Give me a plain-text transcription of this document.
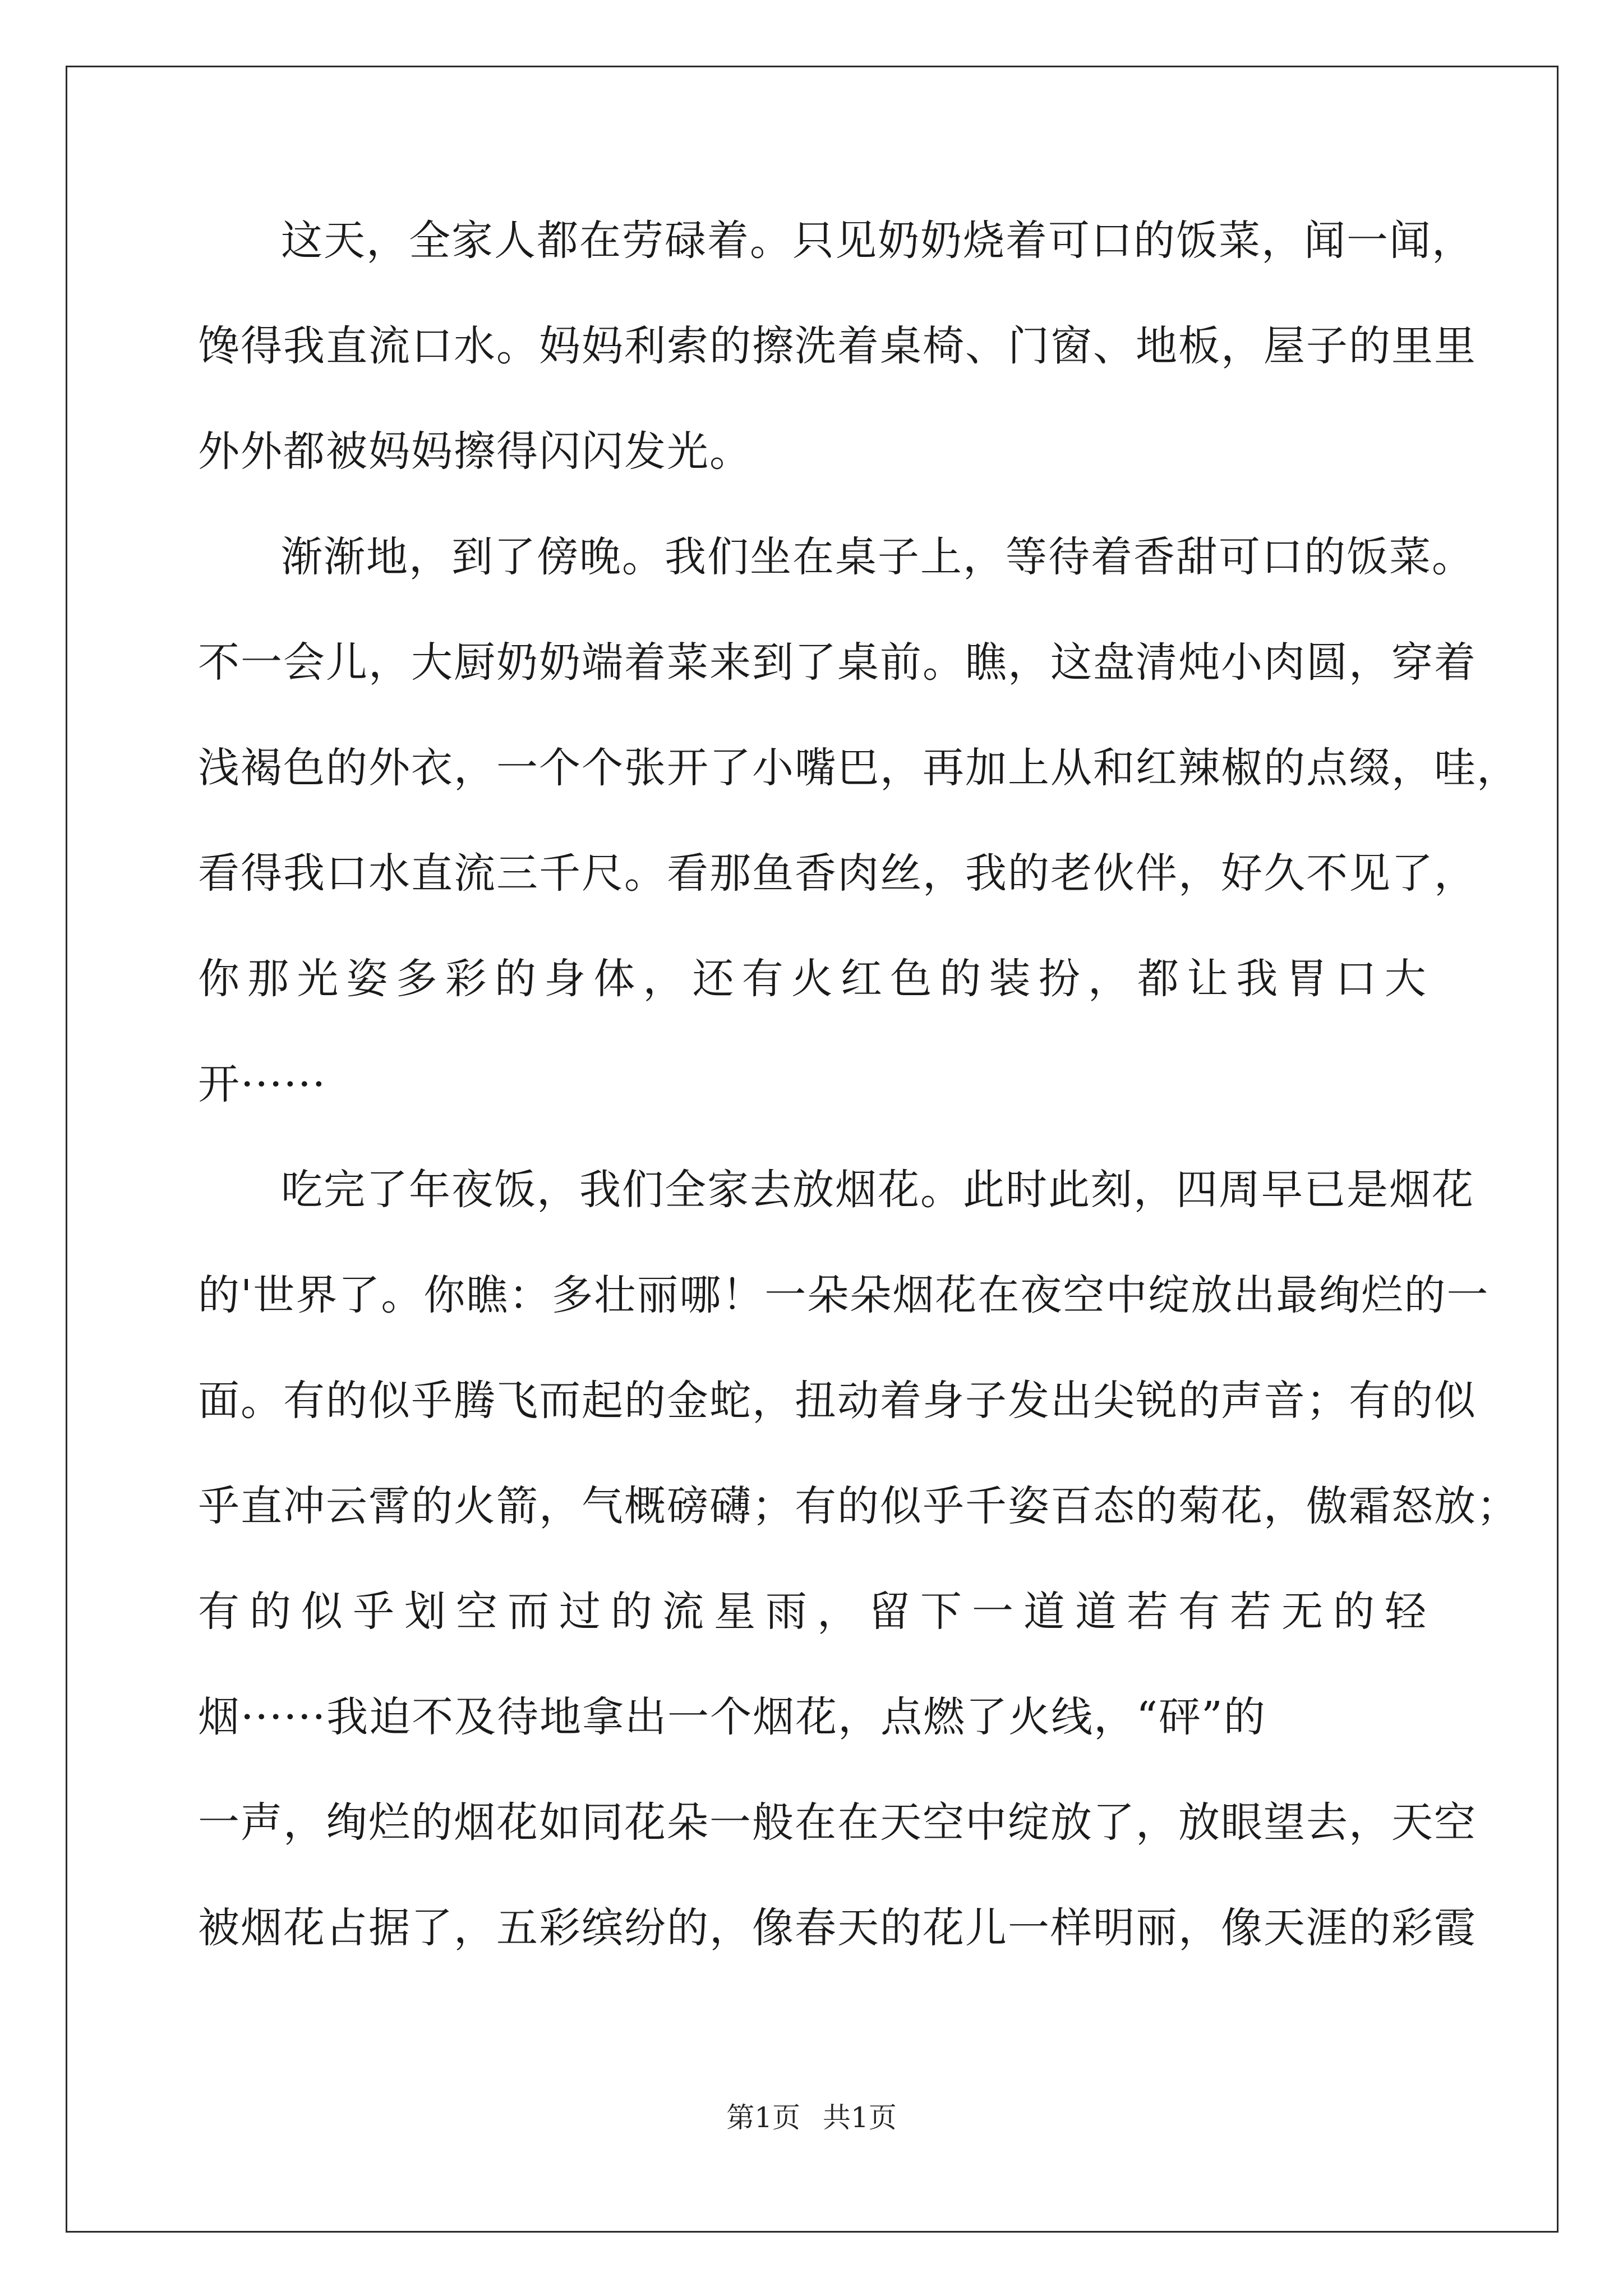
这天，全家人都在劳碌着。只见奶奶烧着可口的饭菜，闻一闻，
馋得我直流口水。妈妈利索的擦洗着桌椅、门窗、地板，屋子的里里
外外都被妈妈擦得闪闪发光。
渐渐地，到了傍晚。我们坐在桌子上，等待着香甜可口的饭菜。
不一会儿，大厨奶奶端着菜来到了桌前。瞧，这盘清炖小肉圆，穿着
浅褐色的外衣，一个个张开了小嘴巴，再加上从和红辣椒的点缀，哇，
看得我口水直流三千尺。看那鱼香肉丝，我的老伙伴，好久不见了，
你 那 光 姿 多 彩 的 身 体 ， 还 有 火 红 色 的 装 扮 ， 都 让 我 胃 口 大
开······
吃完了年夜饭，我们全家去放烟花。此时此刻，四周早已是烟花
的'世界了。你瞧：多壮丽哪！一朵朵烟花在夜空中绽放出最绚烂的一
面。有的似乎腾飞而起的金蛇，扭动着身子发出尖锐的声音；有的似
乎直冲云霄的火箭，气概磅礴；有的似乎千姿百态的菊花，傲霜怒放；
有 的 似 乎 划 空 而 过 的 流 星 雨 ， 留 下 一 道 道 若 有 若 无 的 轻
烟······我迫不及待地拿出一个烟花，点燃了火线，“砰”的
一声，绚烂的烟花如同花朵一般在在天空中绽放了，放眼望去，天空
被烟花占据了，五彩缤纷的，像春天的花儿一样明丽，像天涯的彩霞
第1页 共1页
